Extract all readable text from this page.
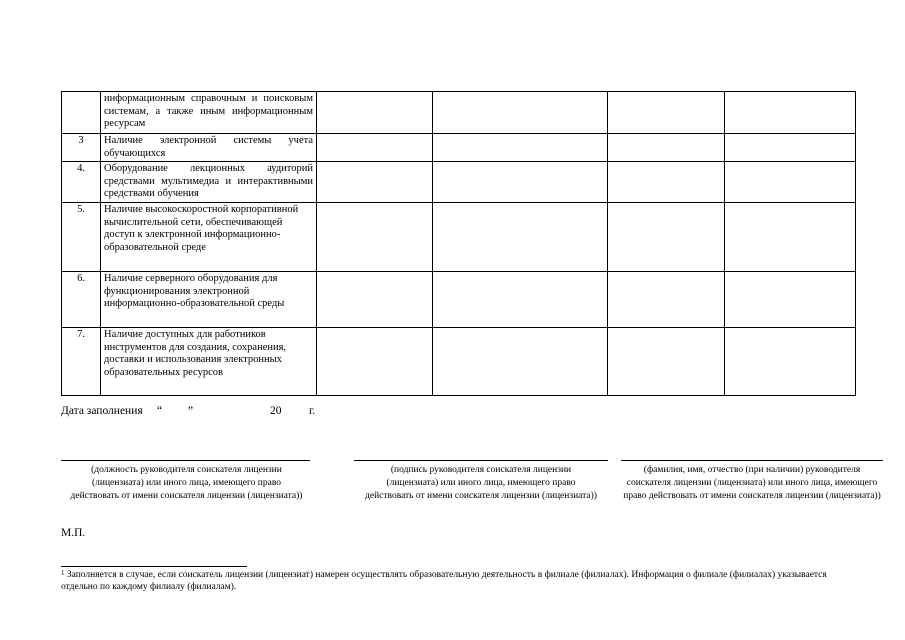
	информационным справочным и поисковым системам, а также иным информационным ресурсам				
3	Наличие электронной системы учета обучающихся				
4.	Оборудование лекционных аудиторий средствами мультимедиа и интерактивными средствами обучения				
5.	Наличие высокоскоростной корпоративной вычислительной сети, обеспечивающей доступ к электронной информационно-образовательной среде				
6.	Наличие серверного оборудования для функционирования электронной информационно-образовательной среды				
7.	Наличие доступных для работников инструментов для создания, сохранения, доставки и использования электронных образовательных ресурсов				
Дата заполнения “ ”	20 г.
(должность руководителя соискателя лицензии (лицензиата) или иного лица, имеющего право действовать от имени соискателя лицензии (лицензиата))
(подпись руководителя соискателя лицензии (лицензиата) или иного лица, имеющего право действовать от имени соискателя лицензии (лицензиата))
(фамилия, имя, отчество (при наличии) руководителя соискателя лицензии (лицензиата) или иного лица, имеющего право действовать от имени соискателя лицензии (лицензиата))
М.П.
$^1$ Заполняется в случае, если соискатель лицензии (лицензиат) намерен осуществлять образовательную деятельность в филиале (филиалах). Информация о филиале (филиалах) указывается отдельно по каждому филиалу (филиалам).
